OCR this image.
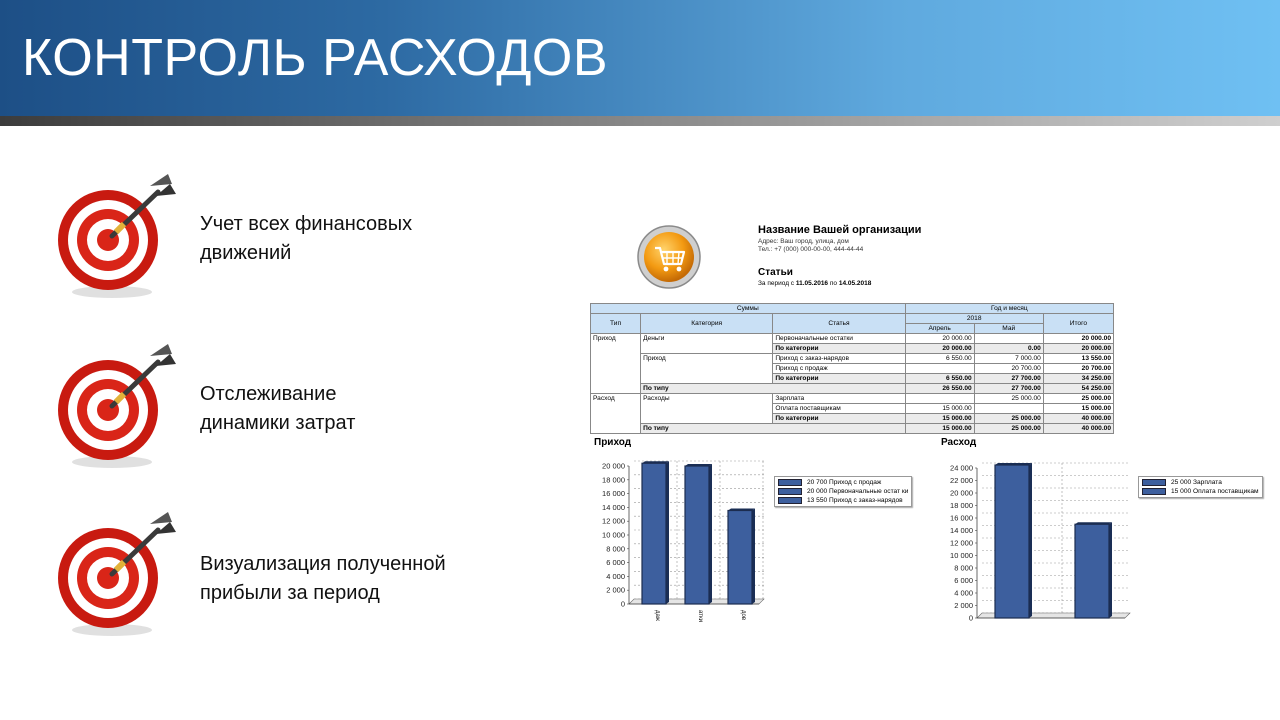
КОНТРОЛЬ РАСХОДОВ
Учет всех финансовых
движений
Отслеживание
динамики затрат
Визуализация полученной
прибыли за период
Название Вашей организации
Адрес: Ваш город, улица, дом
Тел.: +7 (000) 000-00-00, 444-44-44
Статьи
За период с 11.05.2016 по 14.05.2018
Суммы			Год и месяц		
Тип	Категория	Статья	2018		Итого
			Апрель	Май	
Приход	Деньги	Первоначальные остатки	20 000.00		20 000.00
		По категории	20 000.00	0.00	20 000.00
	Приход	Приход с заказ-нарядов	6 550.00	7 000.00	13 550.00
		Приход с продаж		20 700.00	20 700.00
		По категории	6 550.00	27 700.00	34 250.00
	По типу		26 550.00	27 700.00	54 250.00
Расход	Расходы	Зарплата		25 000.00	25 000.00
		Оплата поставщикам	15 000.00		15 000.00
		По категории	15 000.00	25 000.00	40 000.00
	По типу		15 000.00	25 000.00	40 000.00
Приход
0
2 000
4 000
6 000
8 000
10 000
12 000
14 000
16 000
18 000
20 000
даж	атки	дов
20 700
Приход с продаж
20 000
Первоначальные остат ки
13 550
Приход с заказ-нарядов
Расход
0
2 000
4 000
6 000
8 000
10 000
12 000
14 000
16 000
18 000
20 000
22 000
24 000
25 000
Зарплата
15 000
Оплата поставщикам
